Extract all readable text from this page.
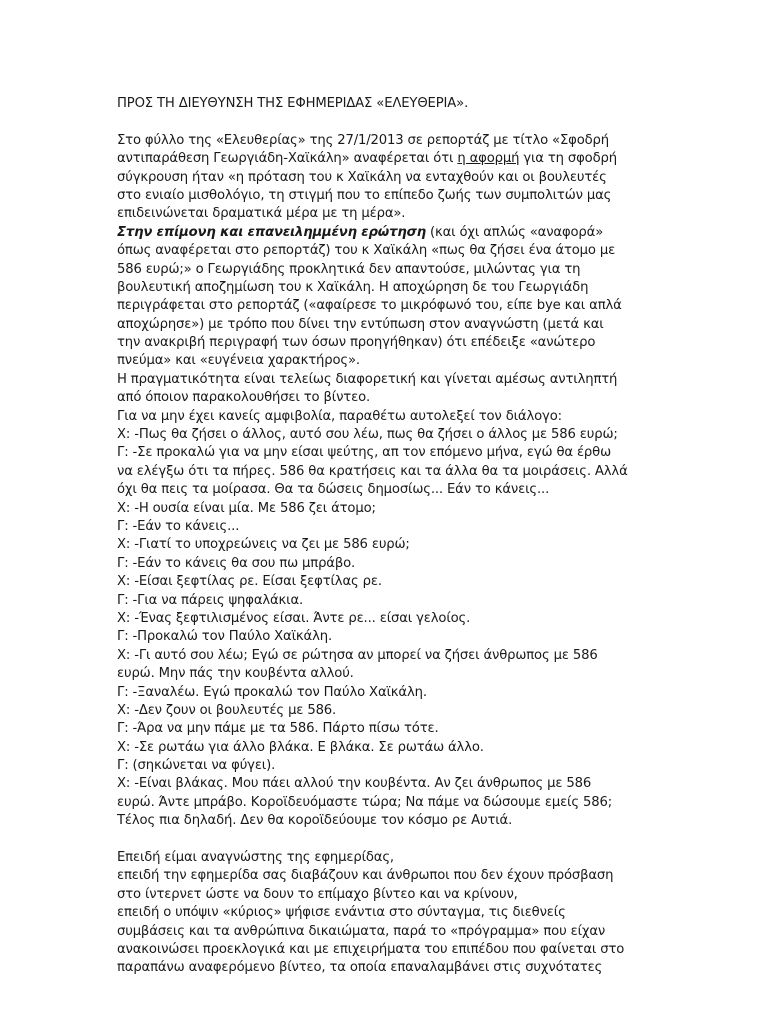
ΠΡΟΣ ΤΗ ΔΙΕΥΘΥΝΣΗ ΤΗΣ ΕΦΗΜΕΡΙΔΑΣ «ΕΛΕΥΘΕΡΙΑ».
Στο φύλλο της «Ελευθερίας» της 27/1/2013 σε ρεπορτάζ με τίτλο «Σφοδρή
αντιπαράθεση Γεωργιάδη-Χαϊκάλη» αναφέρεται ότι η αφορμή για τη σφοδρή
σύγκρουση ήταν «η πρόταση του κ Χαϊκάλη να ενταχθούν και οι βουλευτές
στο ενιαίο μισθολόγιο, τη στιγμή που το επίπεδο ζωής των συμπολιτών μας
επιδεινώνεται δραματικά μέρα με τη μέρα».
Στην επίμονη και επανειλημμένη ερώτηση (και όχι απλώς «αναφορά»
όπως αναφέρεται στο ρεπορτάζ) του κ Χαϊκάλη «πως θα ζήσει ένα άτομο με
586 ευρώ;» ο Γεωργιάδης προκλητικά δεν απαντούσε, μιλώντας για τη
βουλευτική αποζημίωση του κ Χαϊκάλη. Η αποχώρηση δε του Γεωργιάδη
περιγράφεται στο ρεπορτάζ («αφαίρεσε το μικρόφωνό του, είπε bye και απλά
αποχώρησε») με τρόπο που δίνει την εντύπωση στον αναγνώστη (μετά και
την ανακριβή περιγραφή των όσων προηγήθηκαν) ότι επέδειξε «ανώτερο
πνεύμα» και «ευγένεια χαρακτήρος».
Η πραγματικότητα είναι τελείως διαφορετική και γίνεται αμέσως αντιληπτή
από όποιον παρακολουθήσει το βίντεο.
Για να μην έχει κανείς αμφιβολία, παραθέτω αυτολεξεί τον διάλογο:
Χ: -Πως θα ζήσει ο άλλος, αυτό σου λέω, πως θα ζήσει ο άλλος με 586 ευρώ;
Γ: -Σε προκαλώ για να μην είσαι ψεύτης, απ τον επόμενο μήνα, εγώ θα έρθω
να ελέγξω ότι τα πήρες. 586 θα κρατήσεις και τα άλλα θα τα μοιράσεις. Αλλά
όχι θα πεις τα μοίρασα. Θα τα δώσεις δημοσίως... Εάν το κάνεις...
Χ: -Η ουσία είναι μία. Με 586 ζει άτομο;
Γ: -Εάν το κάνεις...
Χ: -Γιατί το υποχρεώνεις να ζει με 586 ευρώ;
Γ: -Εάν το κάνεις θα σου πω μπράβο.
Χ: -Είσαι ξεφτίλας ρε. Είσαι ξεφτίλας ρε.
Γ: -Για να πάρεις ψηφαλάκια.
Χ: -Ένας ξεφτιλισμένος είσαι. Άντε ρε... είσαι γελοίος.
Γ: -Προκαλώ τον Παύλο Χαϊκάλη.
Χ: -Γι αυτό σου λέω; Εγώ σε ρώτησα αν μπορεί να ζήσει άνθρωπος με 586
ευρώ. Μην πάς την κουβέντα αλλού.
Γ: -Ξαναλέω. Εγώ προκαλώ τον Παύλο Χαϊκάλη.
Χ: -Δεν ζουν οι βουλευτές με 586.
Γ: -Άρα να μην πάμε με τα 586. Πάρτο πίσω τότε.
Χ: -Σε ρωτάω για άλλο βλάκα. Ε βλάκα. Σε ρωτάω άλλο.
Γ: (σηκώνεται να φύγει).
Χ: -Είναι βλάκας. Μου πάει αλλού την κουβέντα. Αν ζει άνθρωπος με 586
ευρώ. Άντε μπράβο. Κοροϊδευόμαστε τώρα; Να πάμε να δώσουμε εμείς 586;
Τέλος πια δηλαδή. Δεν θα κοροϊδεύουμε τον κόσμο ρε Αυτιά.
Επειδή είμαι αναγνώστης της εφημερίδας,
επειδή την εφημερίδα σας διαβάζουν και άνθρωποι που δεν έχουν πρόσβαση
στο ίντερνετ ώστε να δουν το επίμαχο βίντεο και να κρίνουν,
επειδή ο υπόψιν «κύριος» ψήφισε ενάντια στο σύνταγμα, τις διεθνείς
συμβάσεις και τα ανθρώπινα δικαιώματα, παρά το «πρόγραμμα» που είχαν
ανακοινώσει προεκλογικά και με επιχειρήματα του επιπέδου που φαίνεται στο
παραπάνω αναφερόμενο βίντεο, τα οποία επαναλαμβάνει στις συχνότατες
